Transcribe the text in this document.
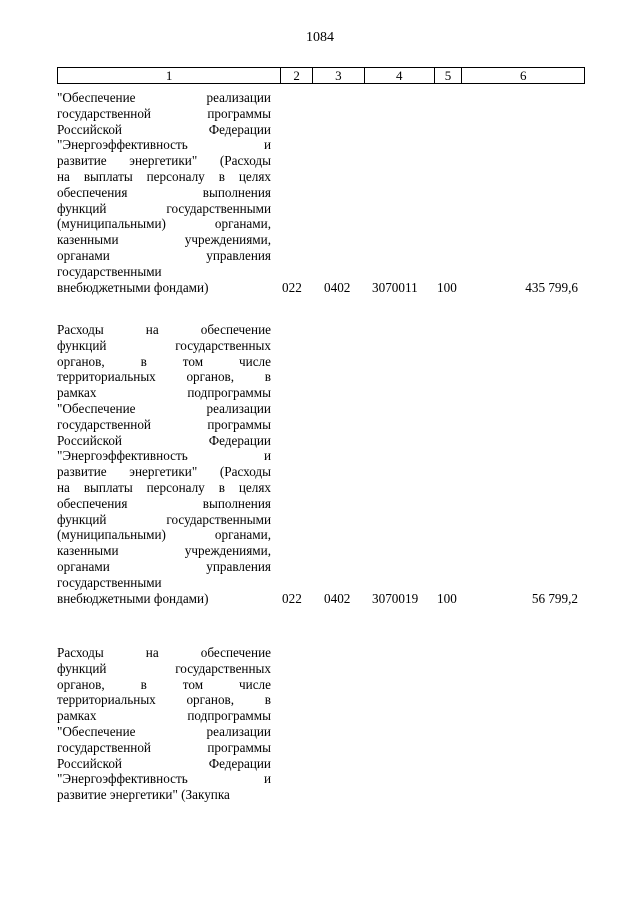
1084
1	2	3	4	5	6
"Обеспечение реализации
государственной программы
Российской Федерации
"Энергоэффективность и
развитие энергетики" (Расходы
на выплаты персоналу в целях
обеспечения выполнения
функций государственными
(муниципальными) органами,
казенными учреждениями,
органами управления
государственными
внебюджетными фондами)	022 0402 3070011 100	435 799,6
Расходы на обеспечение
функций государственных
органов, в том числе
территориальных органов, в
рамках подпрограммы
"Обеспечение реализации
государственной программы
Российской Федерации
"Энергоэффективность и
развитие энергетики" (Расходы
на выплаты персоналу в целях
обеспечения выполнения
функций государственными
(муниципальными) органами,
казенными учреждениями,
органами управления
государственными
внебюджетными фондами)	022 0402 3070019 100	56 799,2
Расходы на обеспечение
функций государственных
органов, в том числе
территориальных органов, в
рамках подпрограммы
"Обеспечение реализации
государственной программы
Российской Федерации
"Энергоэффективность и
развитие энергетики" (Закупка
